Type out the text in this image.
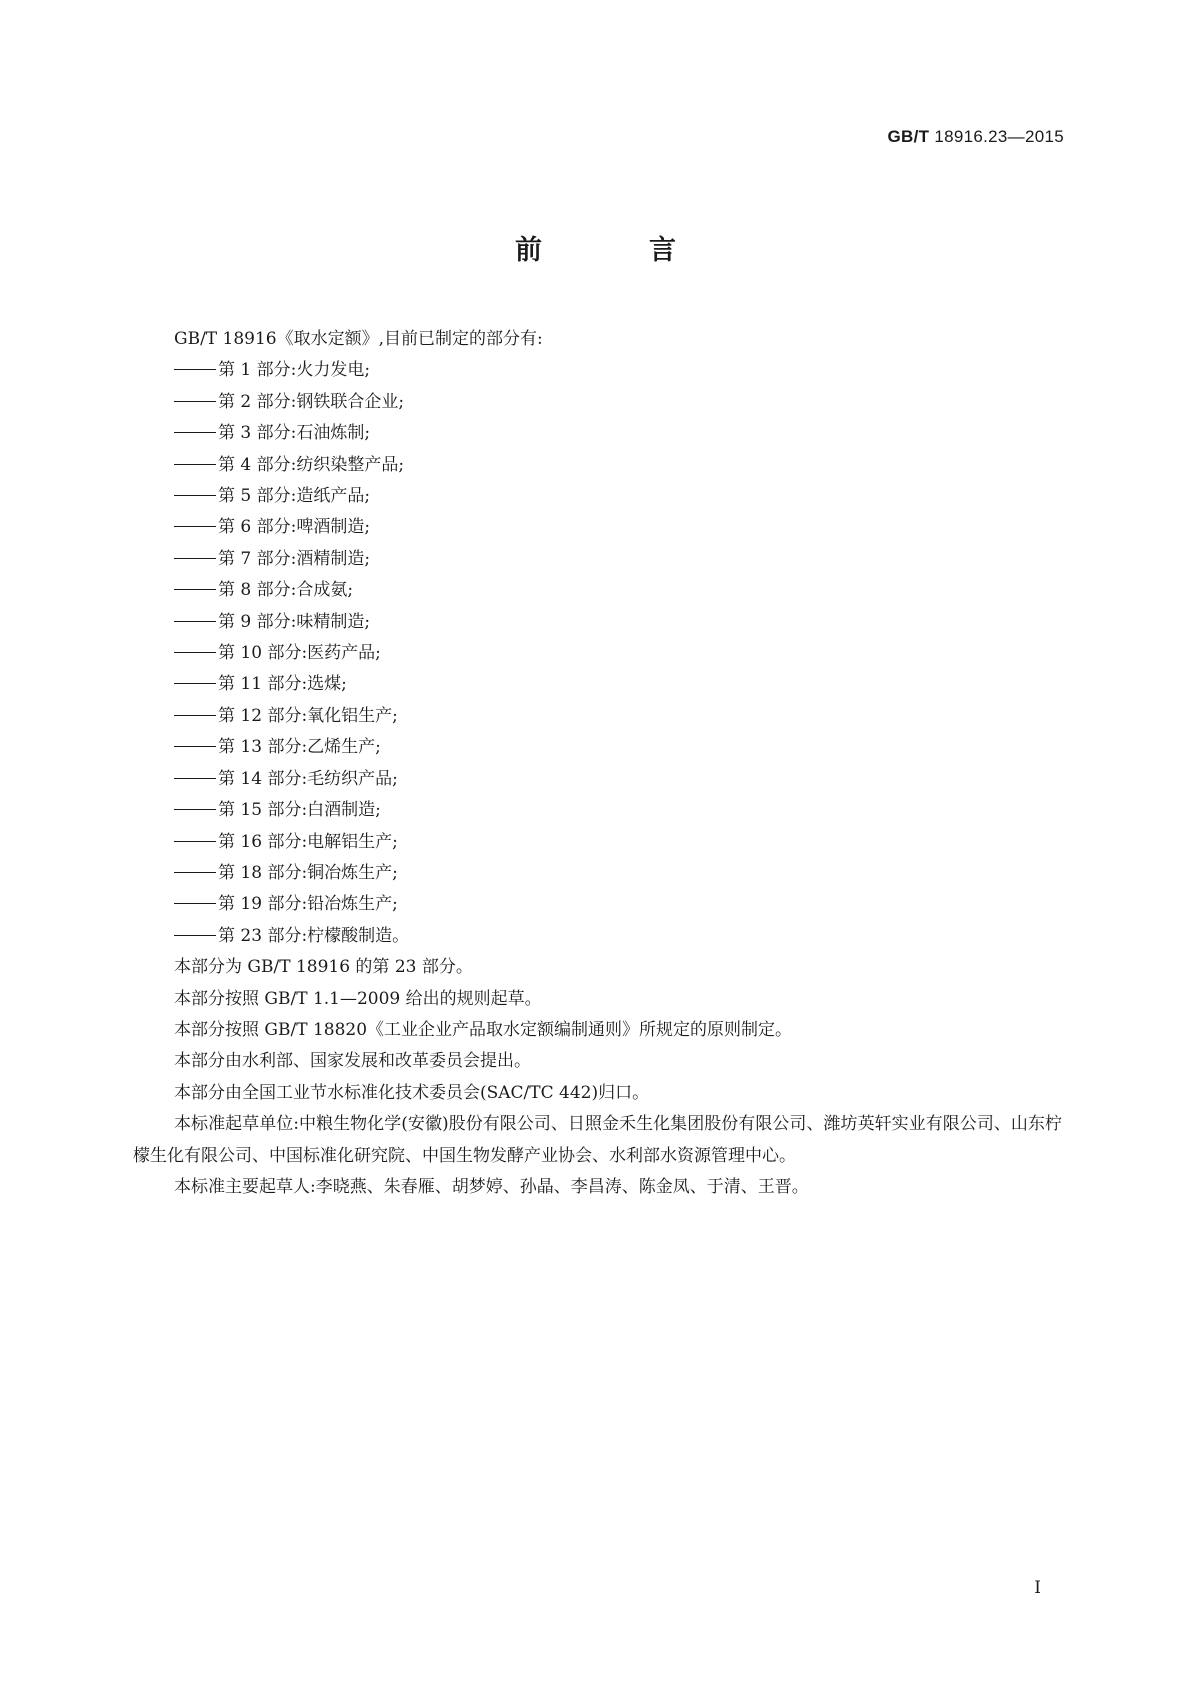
GB/T 18916.23—2015
前　言
GB/T 18916《取水定额》,目前已制定的部分有:
第 1 部分:火力发电;
第 2 部分:钢铁联合企业;
第 3 部分:石油炼制;
第 4 部分:纺织染整产品;
第 5 部分:造纸产品;
第 6 部分:啤酒制造;
第 7 部分:酒精制造;
第 8 部分:合成氨;
第 9 部分:味精制造;
第 10 部分:医药产品;
第 11 部分:选煤;
第 12 部分:氧化铝生产;
第 13 部分:乙烯生产;
第 14 部分:毛纺织产品;
第 15 部分:白酒制造;
第 16 部分:电解铝生产;
第 18 部分:铜冶炼生产;
第 19 部分:铅冶炼生产;
第 23 部分:柠檬酸制造。
本部分为 GB/T 18916 的第 23 部分。
本部分按照 GB/T 1.1—2009 给出的规则起草。
本部分按照 GB/T 18820《工业企业产品取水定额编制通则》所规定的原则制定。
本部分由水利部、国家发展和改革委员会提出。
本部分由全国工业节水标准化技术委员会(SAC/TC 442)归口。
本标准起草单位:中粮生物化学(安徽)股份有限公司、日照金禾生化集团股份有限公司、潍坊英轩实业有限公司、山东柠檬生化有限公司、中国标准化研究院、中国生物发酵产业协会、水利部水资源管理中心。
本标准主要起草人:李晓燕、朱春雁、胡梦婷、孙晶、李昌涛、陈金凤、于清、王晋。
I
